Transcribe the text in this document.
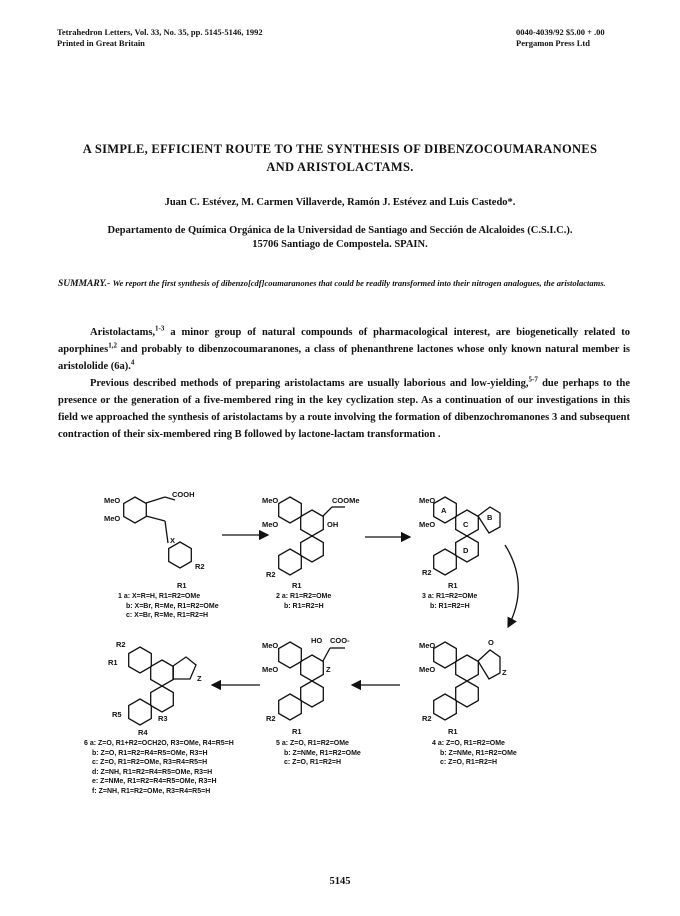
Tetrahedron Letters, Vol. 33, No. 35, pp. 5145-5146, 1992
Printed in Great Britain
0040-4039/92 $5.00 + .00
Pergamon Press Ltd
A SIMPLE, EFFICIENT ROUTE TO THE SYNTHESIS OF DIBENZOCOUMARANONES
AND ARISTOLACTAMS.
Juan C. Estévez, M. Carmen Villaverde, Ramón J. Estévez and Luis Castedo*.
Departamento de Química Orgánica de la Universidad de Santiago and Sección de Alcaloides (C.S.I.C.).
15706 Santiago de Compostela. SPAIN.
SUMMARY.- We report the first synthesis of dibenzo[cdf]coumaranones that could be readily transformed into their nitrogen analogues, the aristolactams.

Aristolactams,$^{1-3}$ a minor group of natural compounds of pharmacological interest, are biogenetically related to aporphines$^{1,2}$ and probably to dibenzocoumaranones, a class of phenanthrene lactones whose only known natural member is aristololide (6a).$^4$

Previous described methods of preparing aristolactams are usually laborious and low-yielding,$^{5-7}$ due perhaps to the presence or the generation of a five-membered ring in the key cyclization step. As a continuation of our investigations in this field we approached the synthesis of aristolactams by a route involving the formation of dibenzochromanones 3 and subsequent contraction of their six-membered ring B followed by lactone-lactam transformation .

MeO
MeO
COOH
X
R2
R1
MeO
MeO
COOMe
OH
R2
R1
MeO
MeO
A
B
C
D
R2
R1
R2
R1
Z
R5	R3
R4
MeO
MeO
HO COO-
Z
R2
R1
MeO
MeO
O
Z
R2
R1
1 a: X=R=H, R1=R2=OMe
b: X=Br, R=Me, R1=R2=OMe
c: X=Br, R=Me, R1=R2=H
2 a: R1=R2=OMe
b: R1=R2=H
3 a: R1=R2=OMe
b: R1=R2=H
6 a: Z=O, R1+R2=OCH2O, R3=OMe, R4=R5=H
b: Z=O, R1=R2=R4=R5=OMe, R3=H
c: Z=O, R1=R2=OMe, R3=R4=R5=H
d: Z=NH, R1=R2=R4=R5=OMe, R3=H
e: Z=NMe, R1=R2=R4=R5=OMe, R3=H
f: Z=NH, R1=R2=OMe, R3=R4=R5=H
5 a: Z=O, R1=R2=OMe
b: Z=NMe, R1=R2=OMe
c: Z=O, R1=R2=H
4 a: Z=O, R1=R2=OMe
b: Z=NMe, R1=R2=OMe
c: Z=O, R1=R2=H
5145
